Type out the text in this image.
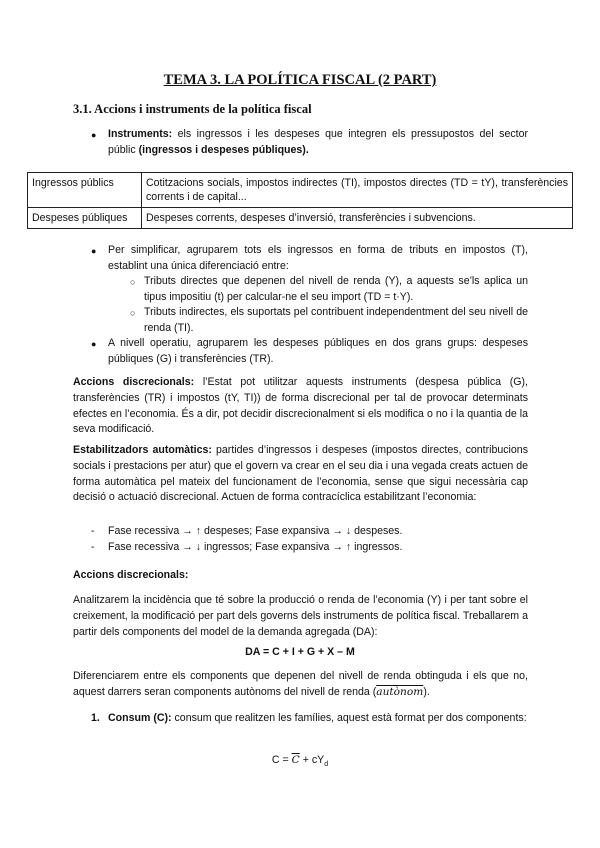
TEMA 3. LA POLÍTICA FISCAL (2 PART)
3.1. Accions i instruments de la política fiscal
● Instruments: els ingressos i les despeses que integren els pressupostos del sector públic (ingressos i despeses públiques).
Ingressos públics	Cotitzacions socials, impostos indirectes (TI), impostos directes (TD = tY), transferències corrents i de capital...
Despeses públiques	Despeses corrents, despeses d’inversió, transferències i subvencions.
● Per simplificar, agruparem tots els ingressos en forma de tributs en impostos (T), establint una única diferenciació entre:
○ Tributs directes que depenen del nivell de renda (Y), a aquests se’ls aplica un tipus impositiu (t) per calcular-ne el seu import (TD = t·Y).
○ Tributs indirectes, els suportats pel contribuent independentment del seu nivell de renda (TI).
● A nivell operatiu, agruparem les despeses públiques en dos grans grups: despeses públiques (G) i transferències (TR).
Accions discrecionals: l’Estat pot utilitzar aquests instruments (despesa pública (G), transferències (TR) i impostos (tY, TI)) de forma discrecional per tal de provocar determinats efectes en l’economia. És a dir, pot decidir discrecionalment si els modifica o no i la quantia de la seva modificació.
Estabilitzadors automàtics: partides d’ingressos i despeses (impostos directes, contribucions socials i prestacions per atur) que el govern va crear en el seu dia i una vegada creats actuen de forma automàtica pel mateix del funcionament de l’economia, sense que sigui necessària cap decisió o actuació discrecional. Actuen de forma contracíclica estabilitzant l’economia:
- Fase recessiva → ↑ despeses; Fase expansiva → ↓ despeses.
- Fase recessiva → ↓ ingressos; Fase expansiva → ↑ ingressos.
Accions discrecionals:
Analitzarem la incidència que té sobre la producció o renda de l’economia (Y) i per tant sobre el creixement, la modificació per part dels governs dels instruments de política fiscal. Treballarem a partir dels components del model de la demanda agregada (DA):
DA = C + I + G + X – M
Diferenciarem entre els components que depenen del nivell de renda obtinguda i els que no, aquest darrers seran components autònoms del nivell de renda (autònom).
1. Consum (C): consum que realitzen les famílies, aquest està format per dos components:
$C = \overline{C} + cY_d$
